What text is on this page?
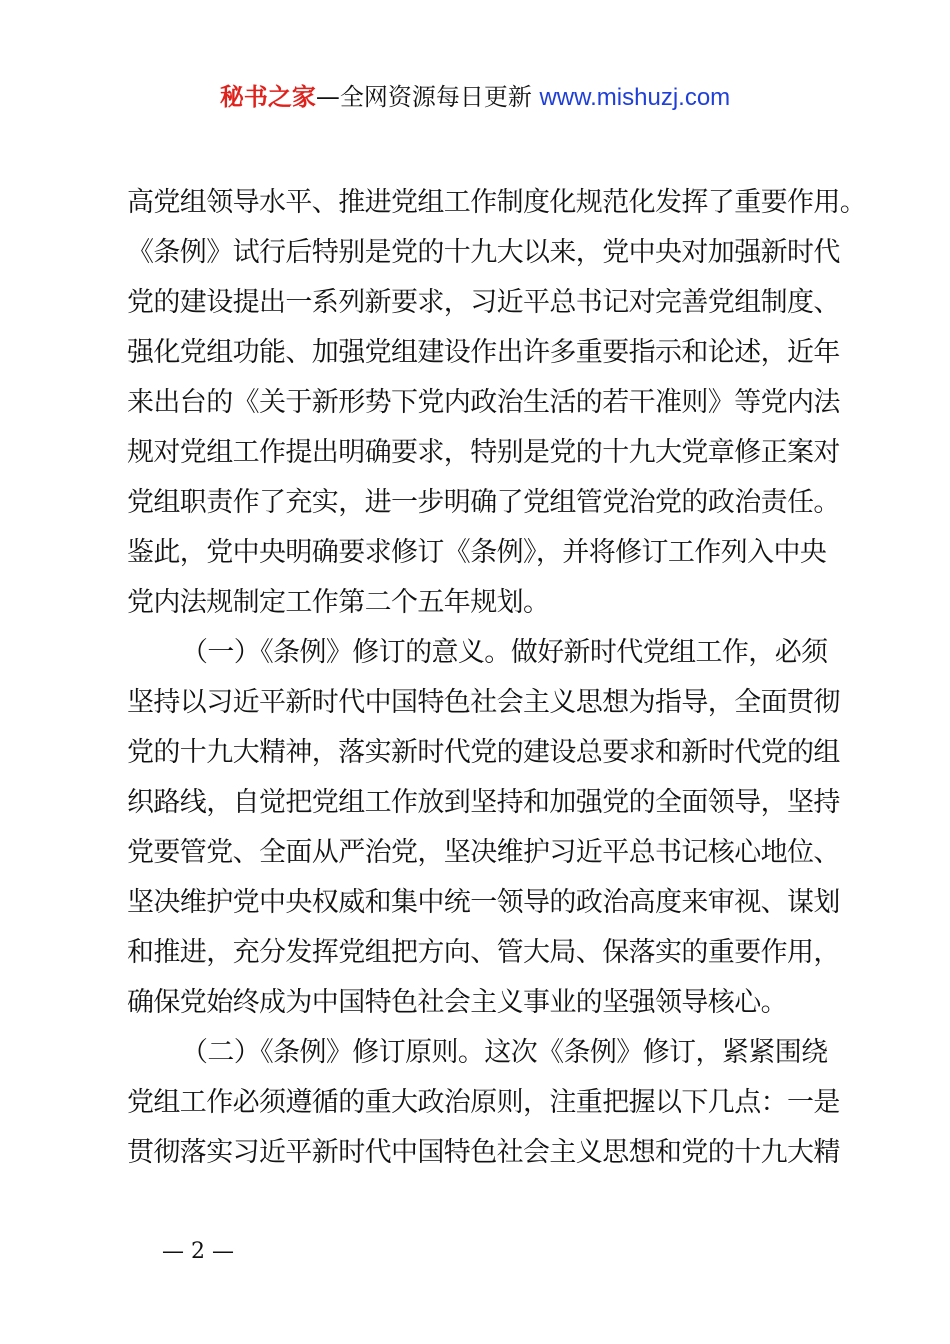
秘书之家—全网资源每日更新 www.mishuzj.com
高党组领导水平、推进党组工作制度化规范化发挥了重要作用。
《条例》试行后特别是党的十九大以来，党中央对加强新时代
党的建设提出一系列新要求，习近平总书记对完善党组制度、
强化党组功能、加强党组建设作出许多重要指示和论述，近年
来出台的《关于新形势下党内政治生活的若干准则》等党内法
规对党组工作提出明确要求，特别是党的十九大党章修正案对
党组职责作了充实，进一步明确了党组管党治党的政治责任。
鉴此，党中央明确要求修订《条例》，并将修订工作列入中央
党内法规制定工作第二个五年规划。
（一）《条例》修订的意义。做好新时代党组工作，必须
坚持以习近平新时代中国特色社会主义思想为指导，全面贯彻
党的十九大精神，落实新时代党的建设总要求和新时代党的组
织路线，自觉把党组工作放到坚持和加强党的全面领导，坚持
党要管党、全面从严治党，坚决维护习近平总书记核心地位、
坚决维护党中央权威和集中统一领导的政治高度来审视、谋划
和推进，充分发挥党组把方向、管大局、保落实的重要作用，
确保党始终成为中国特色社会主义事业的坚强领导核心。
（二）《条例》修订原则。这次《条例》修订，紧紧围绕
党组工作必须遵循的重大政治原则，注重把握以下几点：一是
贯彻落实习近平新时代中国特色社会主义思想和党的十九大精
— 2 —
